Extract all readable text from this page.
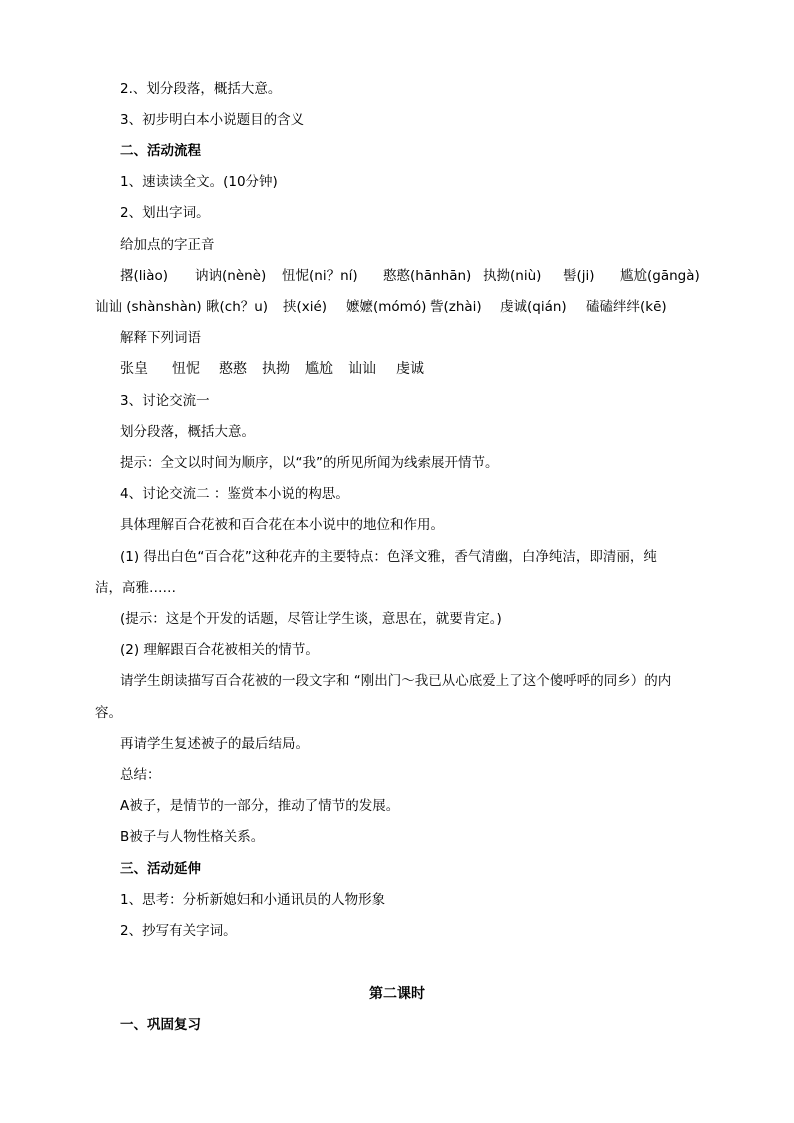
2.、划分段落，概括大意。
3、初步明白本小说题目的含义
二、活动流程
1、速读读全文。(10分钟)
2、划出字词。
给加点的字正音
撂(liào) 讷讷(nènè) 忸怩(ni？ní) 憨憨(hānhān) 执拗(niù) 髻(ji) 尴尬(gāngà)
讪讪 (shànshàn) 瞅(ch？u) 挟(xié) 嬷嬷(mómó) 訾(zhài) 虔诚(qián) 磕磕绊绊(kē)
解释下列词语
张皇 忸怩 憨憨 执拗 尴尬 讪讪 虔诚
3、讨论交流一
划分段落，概括大意。
提示：全文以时间为顺序，以“我”的所见所闻为线索展开情节。
4、讨论交流二 ：鉴赏本小说的构思。
具体理解百合花被和百合花在本小说中的地位和作用。
(1) 得出白色“百合花”这种花卉的主要特点：色泽文雅，香气清幽，白净纯洁，即清丽，纯
洁，高雅……
(提示：这是个开发的话题，尽管让学生谈，意思在，就要肯定。)
(2) 理解跟百合花被相关的情节。
请学生朗读描写百合花被的一段文字和 “刚出门～我已从心底爱上了这个傻呼呼的同乡）的内
容。
再请学生复述被子的最后结局。
总结：
A被子，是情节的一部分，推动了情节的发展。
B被子与人物性格关系。
三、活动延伸
1、思考：分析新媳妇和小通讯员的人物形象
2、抄写有关字词。
第二课时
一、巩固复习
